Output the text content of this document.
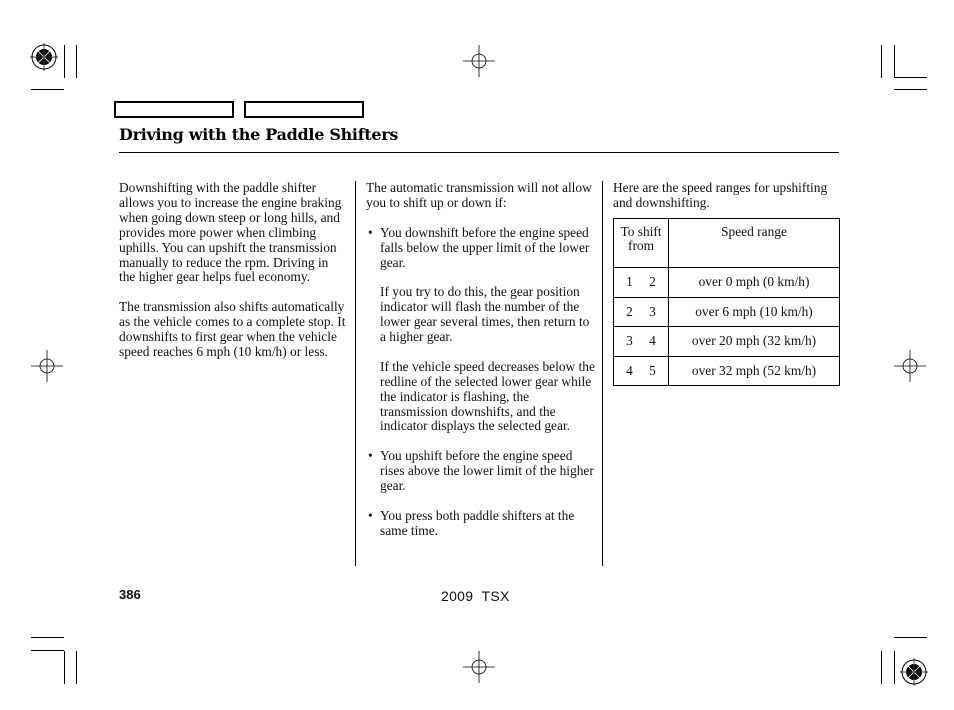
Driving with the Paddle Shifters

Downshifting with the paddle shifter allows you to increase the engine braking when going down steep or long hills, and provides more power when climbing uphills. You can upshift the transmission manually to reduce the rpm. Driving in the higher gear helps fuel economy.

The transmission also shifts automatically as the vehicle comes to a complete stop. It downshifts to first gear when the vehicle speed reaches 6 mph (10 km/h) or less.

The automatic transmission will not allow you to shift up or down if:

• You downshift before the engine speed falls below the upper limit of the lower gear.

If you try to do this, the gear position indicator will flash the number of the lower gear several times, then return to a higher gear.

If the vehicle speed decreases below the redline of the selected lower gear while the indicator is flashing, the transmission downshifts, and the indicator displays the selected gear.

• You upshift before the engine speed rises above the lower limit of the higher gear.

• You press both paddle shifters at the same time.

Here are the speed ranges for upshifting and downshifting.

To shift from	Speed range

1 2	over 0 mph (0 km/h)

2 3	over 6 mph (10 km/h)

3 4	over 20 mph (32 km/h)

4 5	over 32 mph (52 km/h)
386	2009  TSX
